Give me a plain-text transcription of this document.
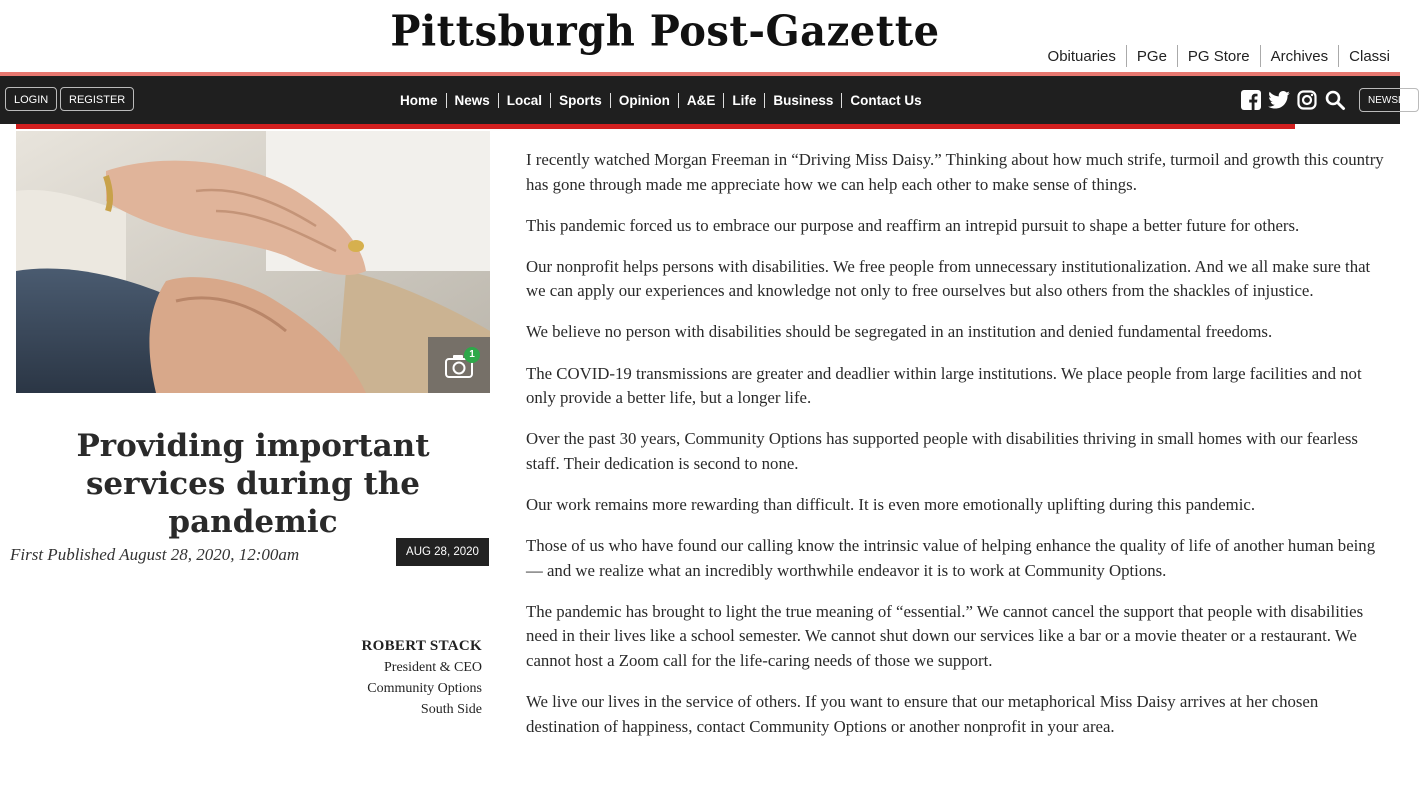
Pittsburgh Post-Gazette	Obituaries	PGe	PG Store	Archives	Classi
LOGIN	REGISTER	Home	News	Local	Sports	Opinion	A&E	Life	Business	Contact Us	NEWSL
1
Providing important services during the pandemic
First Published August 28, 2020, 12:00am	AUG 28, 2020
ROBERT STACK
President & CEO
Community Options
South Side

I recently watched Morgan Freeman in “Driving Miss Daisy.” Thinking about how much strife, turmoil and growth this country has gone through made me appreciate how we can help each other to make sense of things.

This pandemic forced us to embrace our purpose and reaffirm an intrepid pursuit to shape a better future for others.

Our nonprofit helps persons with disabilities. We free people from unnecessary institutionalization. And we all make sure that we can apply our experiences and knowledge not only to free ourselves but also others from the shackles of injustice.

We believe no person with disabilities should be segregated in an institution and denied fundamental freedoms.

The COVID-19 transmissions are greater and deadlier within large institutions. We place people from large facilities and not only provide a better life, but a longer life.

Over the past 30 years, Community Options has supported people with disabilities thriving in small homes with our fearless staff. Their dedication is second to none.

Our work remains more rewarding than difficult. It is even more emotionally uplifting during this pandemic.

Those of us who have found our calling know the intrinsic value of helping enhance the quality of life of another human being — and we realize what an incredibly worthwhile endeavor it is to work at Community Options.

The pandemic has brought to light the true meaning of “essential.” We cannot cancel the support that people with disabilities need in their lives like a school semester. We cannot shut down our services like a bar or a movie theater or a restaurant. We cannot host a Zoom call for the life-caring needs of those we support.

We live our lives in the service of others. If you want to ensure that our metaphorical Miss Daisy arrives at her chosen destination of happiness, contact Community Options or another nonprofit in your area.
